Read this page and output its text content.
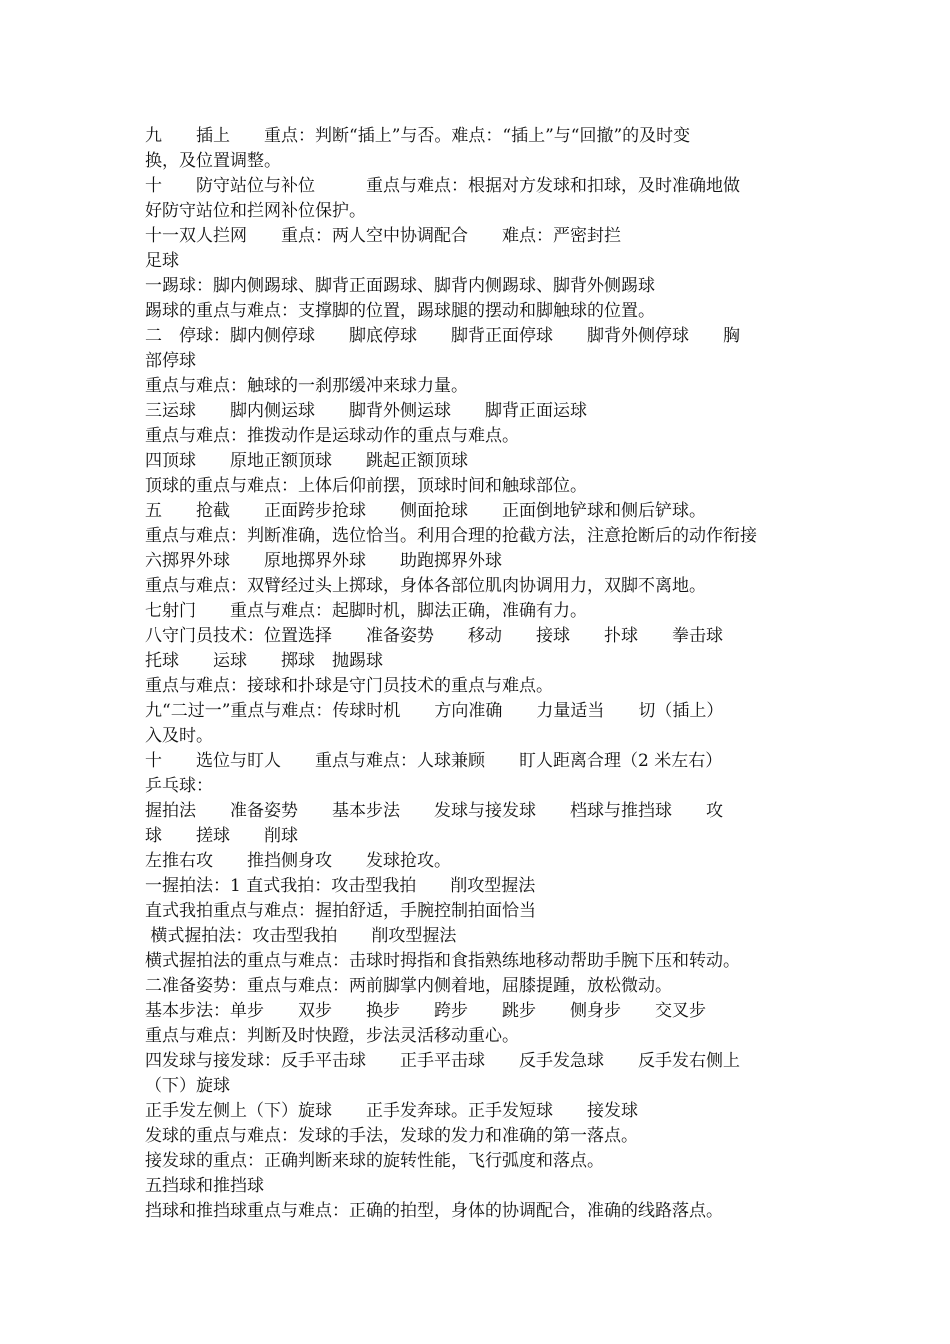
九　　插上　　重点：判断“插上”与否。难点：“插上”与“回撤”的及时变
换，及位置调整。
十　　防守站位与补位　　　重点与难点：根据对方发球和扣球，及时准确地做
好防守站位和拦网补位保护。
十一双人拦网　　重点：两人空中协调配合　　难点：严密封拦
足球
一踢球：脚内侧踢球、脚背正面踢球、脚背内侧踢球、脚背外侧踢球
踢球的重点与难点：支撑脚的位置，踢球腿的摆动和脚触球的位置。
二　停球：脚内侧停球　　脚底停球　　脚背正面停球　　脚背外侧停球　　胸
部停球
重点与难点：触球的一刹那缓冲来球力量。
三运球　　脚内侧运球　　脚背外侧运球　　脚背正面运球
重点与难点：推拨动作是运球动作的重点与难点。
四顶球　　原地正额顶球　　跳起正额顶球
顶球的重点与难点：上体后仰前摆，顶球时间和触球部位。
五　　抢截　　正面跨步抢球　　侧面抢球　　正面倒地铲球和侧后铲球。
重点与难点：判断准确，选位恰当。利用合理的抢截方法，注意抢断后的动作衔接
六掷界外球　　原地掷界外球　　助跑掷界外球
重点与难点：双臂经过头上掷球，身体各部位肌肉协调用力，双脚不离地。
七射门　　重点与难点：起脚时机，脚法正确，准确有力。
八守门员技术：位置选择　　准备姿势　　移动　　接球　　扑球　　拳击球
托球　　运球　　掷球　抛踢球
重点与难点：接球和扑球是守门员技术的重点与难点。
九“二过一”重点与难点：传球时机　　方向准确　　力量适当　　切（插上）
入及时。
十　　选位与盯人　　重点与难点：人球兼顾　　盯人距离合理（2 米左右）
乒乓球：
握拍法　　准备姿势　　基本步法　　发球与接发球　　档球与推挡球　　攻
球　　搓球　　削球
左推右攻　　推挡侧身攻　　发球抢攻。
一握拍法：1 直式我拍：攻击型我拍　　削攻型握法
直式我拍重点与难点：握拍舒适，手腕控制拍面恰当
横式握拍法：攻击型我拍　　削攻型握法
横式握拍法的重点与难点：击球时拇指和食指熟练地移动帮助手腕下压和转动。
二准备姿势：重点与难点：两前脚掌内侧着地，屈膝提踵，放松微动。
基本步法：单步　　双步　　换步　　跨步　　跳步　　侧身步　　交叉步
重点与难点：判断及时快蹬，步法灵活移动重心。
四发球与接发球：反手平击球　　正手平击球　　反手发急球　　反手发右侧上
（下）旋球
正手发左侧上（下）旋球　　正手发奔球。正手发短球　　接发球
发球的重点与难点：发球的手法，发球的发力和准确的第一落点。
接发球的重点：正确判断来球的旋转性能，飞行弧度和落点。
五挡球和推挡球
挡球和推挡球重点与难点：正确的拍型，身体的协调配合，准确的线路落点。
